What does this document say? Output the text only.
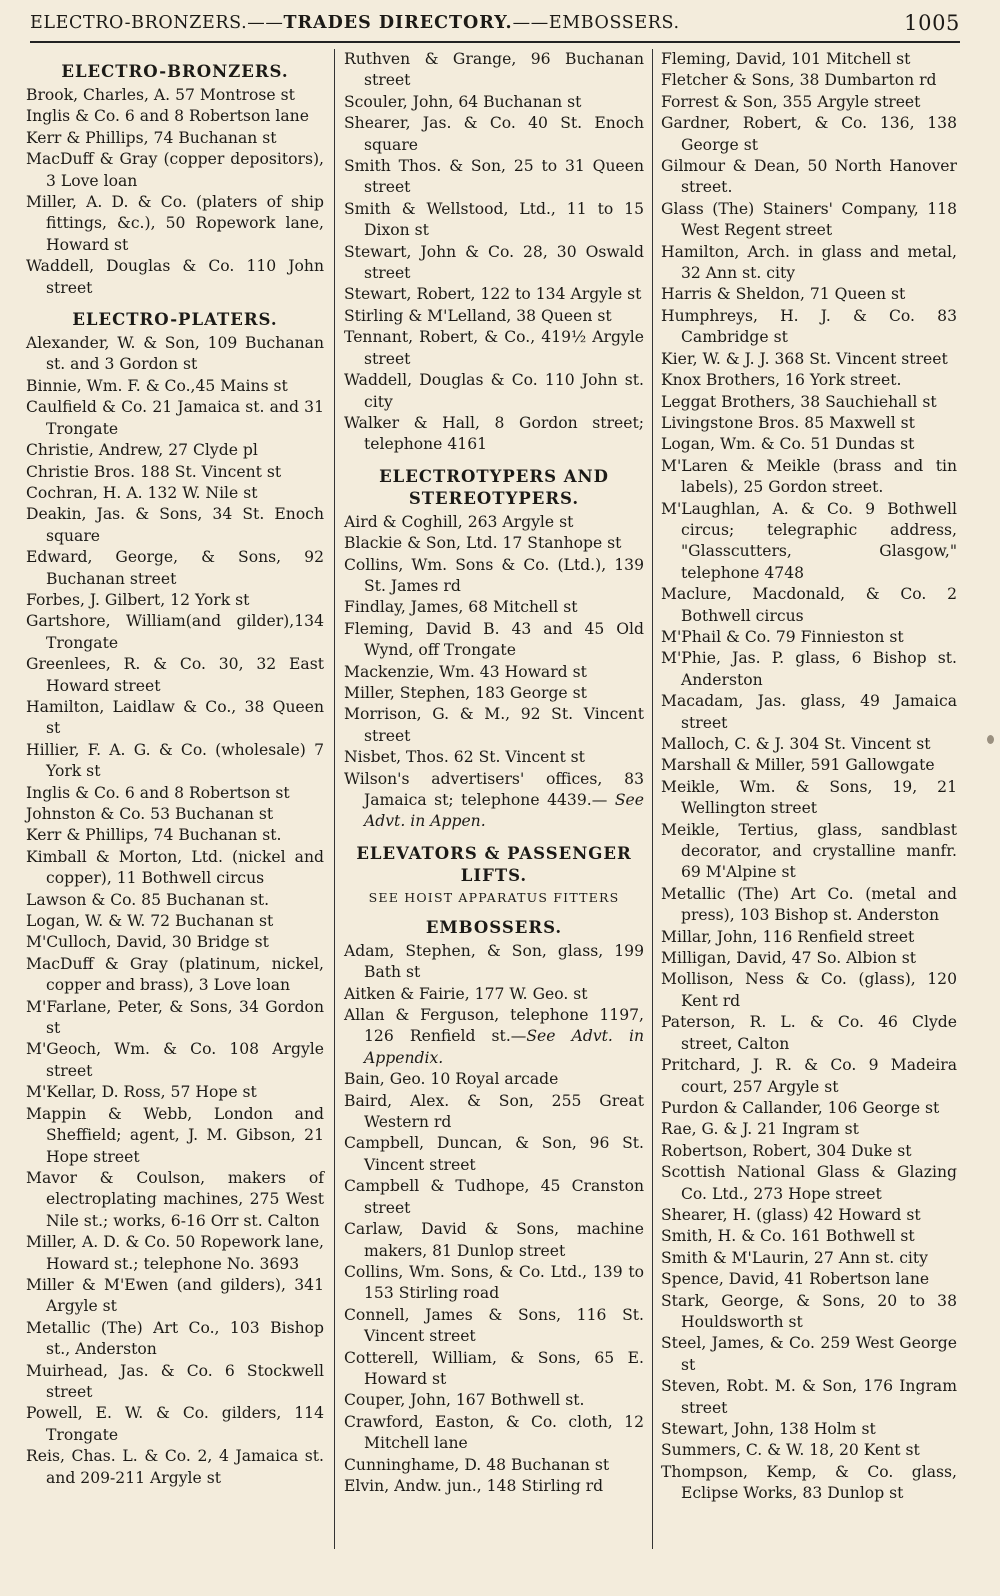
ELECTRO-BRONZERS.——TRADES DIRECTORY.——EMBOSSERS.	1005
ELECTRO-BRONZERS.
Brook, Charles, A. 57 Montrose st
Inglis & Co. 6 and 8 Robertson lane
Kerr & Phillips, 74 Buchanan st
MacDuff & Gray (copper depositors), 3 Love loan
Miller, A. D. & Co. (platers of ship fittings, &c.), 50 Ropework lane, Howard st
Waddell, Douglas & Co. 110 John street
ELECTRO-PLATERS.
Alexander, W. & Son, 109 Buchanan st. and 3 Gordon st
Binnie, Wm. F. & Co.,45 Mains st
Caulfield & Co. 21 Jamaica st. and 31 Trongate
Christie, Andrew, 27 Clyde pl
Christie Bros. 188 St. Vincent st
Cochran, H. A. 132 W. Nile st
Deakin, Jas. & Sons, 34 St. Enoch square
Edward, George, & Sons, 92 Buchanan street
Forbes, J. Gilbert, 12 York st
Gartshore, William(and gilder),134 Trongate
Greenlees, R. & Co. 30, 32 East Howard street
Hamilton, Laidlaw & Co., 38 Queen st
Hillier, F. A. G. & Co. (wholesale) 7 York st
Inglis & Co. 6 and 8 Robertson st
Johnston & Co. 53 Buchanan st
Kerr & Phillips, 74 Buchanan st.
Kimball & Morton, Ltd. (nickel and copper), 11 Bothwell circus
Lawson & Co. 85 Buchanan st.
Logan, W. & W. 72 Buchanan st
M'Culloch, David, 30 Bridge st
MacDuff & Gray (platinum, nickel, copper and brass), 3 Love loan
M'Farlane, Peter, & Sons, 34 Gordon st
M'Geoch, Wm. & Co. 108 Argyle street
M'Kellar, D. Ross, 57 Hope st
Mappin & Webb, London and Sheffield; agent, J. M. Gibson, 21 Hope street
Mavor & Coulson, makers of electroplating machines, 275 West Nile st.; works, 6-16 Orr st. Calton
Miller, A. D. & Co. 50 Ropework lane, Howard st.; telephone No. 3693
Miller & M'Ewen (and gilders), 341 Argyle st
Metallic (The) Art Co., 103 Bishop st., Anderston
Muirhead, Jas. & Co. 6 Stockwell street
Powell, E. W. & Co. gilders, 114 Trongate
Reis, Chas. L. & Co. 2, 4 Jamaica st. and 209-211 Argyle st
Ruthven & Grange, 96 Buchanan street
Scouler, John, 64 Buchanan st
Shearer, Jas. & Co. 40 St. Enoch square
Smith Thos. & Son, 25 to 31 Queen street
Smith & Wellstood, Ltd., 11 to 15 Dixon st
Stewart, John & Co. 28, 30 Oswald street
Stewart, Robert, 122 to 134 Argyle st
Stirling & M'Lelland, 38 Queen st
Tennant, Robert, & Co., 419½ Argyle street
Waddell, Douglas & Co. 110 John st. city
Walker & Hall, 8 Gordon street; telephone 4161
ELECTROTYPERS AND
STEREOTYPERS.
Aird & Coghill, 263 Argyle st
Blackie & Son, Ltd. 17 Stanhope st
Collins, Wm. Sons & Co. (Ltd.), 139 St. James rd
Findlay, James, 68 Mitchell st
Fleming, David B. 43 and 45 Old Wynd, off Trongate
Mackenzie, Wm. 43 Howard st
Miller, Stephen, 183 George st
Morrison, G. & M., 92 St. Vincent street
Nisbet, Thos. 62 St. Vincent st
Wilson's advertisers' offices, 83 Jamaica st; telephone 4439.— See Advt. in Appen.
ELEVATORS & PASSENGER
LIFTS.
SEE HOIST APPARATUS FITTERS
EMBOSSERS.
Adam, Stephen, & Son, glass, 199 Bath st
Aitken & Fairie, 177 W. Geo. st
Allan & Ferguson, telephone 1197, 126 Renfield st.—See Advt. in Appendix.
Bain, Geo. 10 Royal arcade
Baird, Alex. & Son, 255 Great Western rd
Campbell, Duncan, & Son, 96 St. Vincent street
Campbell & Tudhope, 45 Cranston street
Carlaw, David & Sons, machine makers, 81 Dunlop street
Collins, Wm. Sons, & Co. Ltd., 139 to 153 Stirling road
Connell, James & Sons, 116 St. Vincent street
Cotterell, William, & Sons, 65 E. Howard st
Couper, John, 167 Bothwell st.
Crawford, Easton, & Co. cloth, 12 Mitchell lane
Cunninghame, D. 48 Buchanan st
Elvin, Andw. jun., 148 Stirling rd
Fleming, David, 101 Mitchell st
Fletcher & Sons, 38 Dumbarton rd
Forrest & Son, 355 Argyle street
Gardner, Robert, & Co. 136, 138 George st
Gilmour & Dean, 50 North Hanover street.
Glass (The) Stainers' Company, 118 West Regent street
Hamilton, Arch. in glass and metal, 32 Ann st. city
Harris & Sheldon, 71 Queen st
Humphreys, H. J. & Co. 83 Cambridge st
Kier, W. & J. J. 368 St. Vincent street
Knox Brothers, 16 York street.
Leggat Brothers, 38 Sauchiehall st
Livingstone Bros. 85 Maxwell st
Logan, Wm. & Co. 51 Dundas st
M'Laren & Meikle (brass and tin labels), 25 Gordon street.
M'Laughlan, A. & Co. 9 Bothwell circus; telegraphic address, "Glasscutters, Glasgow," telephone 4748
Maclure, Macdonald, & Co. 2 Bothwell circus
M'Phail & Co. 79 Finnieston st
M'Phie, Jas. P. glass, 6 Bishop st. Anderston
Macadam, Jas. glass, 49 Jamaica street
Malloch, C. & J. 304 St. Vincent st
Marshall & Miller, 591 Gallowgate
Meikle, Wm. & Sons, 19, 21 Wellington street
Meikle, Tertius, glass, sandblast decorator, and crystalline manfr. 69 M'Alpine st
Metallic (The) Art Co. (metal and press), 103 Bishop st. Anderston
Millar, John, 116 Renfield street
Milligan, David, 47 So. Albion st
Mollison, Ness & Co. (glass), 120 Kent rd
Paterson, R. L. & Co. 46 Clyde street, Calton
Pritchard, J. R. & Co. 9 Madeira court, 257 Argyle st
Purdon & Callander, 106 George st
Rae, G. & J. 21 Ingram st
Robertson, Robert, 304 Duke st
Scottish National Glass & Glazing Co. Ltd., 273 Hope street
Shearer, H. (glass) 42 Howard st
Smith, H. & Co. 161 Bothwell st
Smith & M'Laurin, 27 Ann st. city
Spence, David, 41 Robertson lane
Stark, George, & Sons, 20 to 38 Houldsworth st
Steel, James, & Co. 259 West George st
Steven, Robt. M. & Son, 176 Ingram street
Stewart, John, 138 Holm st
Summers, C. & W. 18, 20 Kent st
Thompson, Kemp, & Co. glass, Eclipse Works, 83 Dunlop st
